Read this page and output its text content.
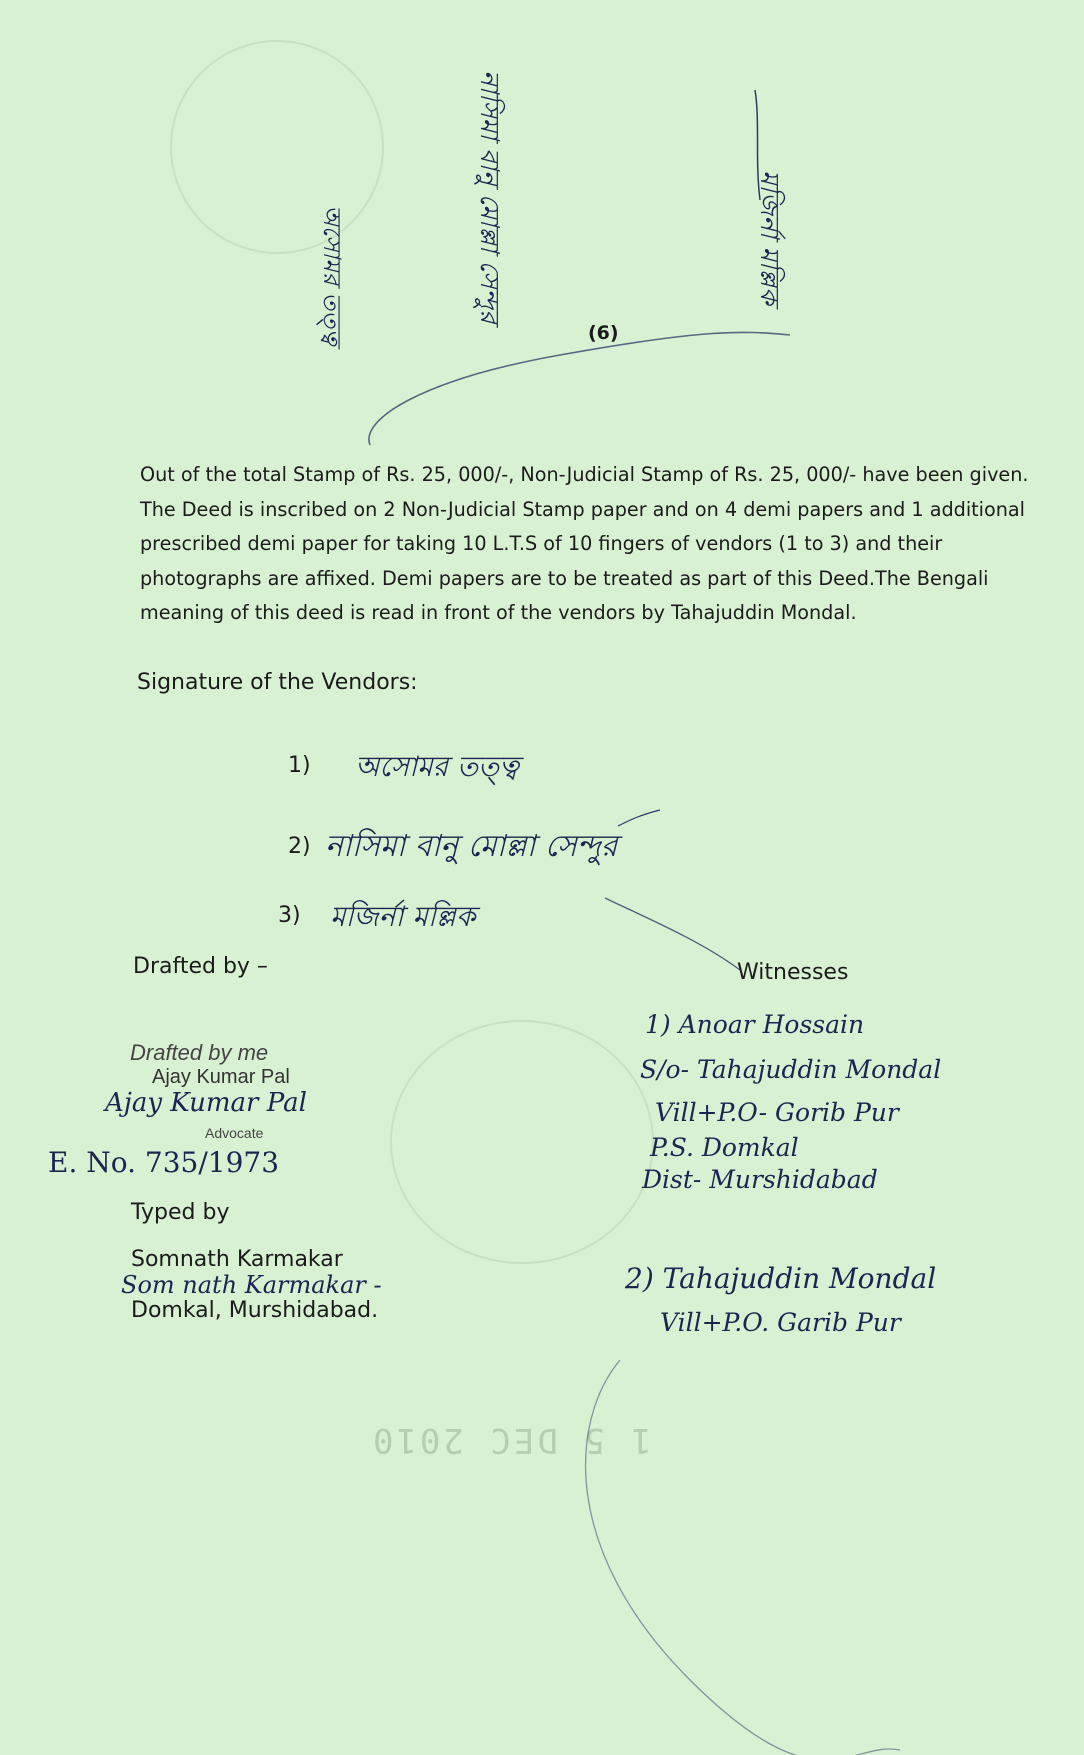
1 5 DEC 2010
অসোমর তত্ত্ব	নাসিমা বানু মোল্লা সেন্দুর	মজির্না মল্লিক
(6)
Out of the total Stamp of Rs. 25, 000/-, Non-Judicial Stamp of Rs. 25, 000/- have been given. The Deed is inscribed on 2 Non-Judicial Stamp paper and on 4 demi papers and 1 additional prescribed demi paper for taking 10 L.T.S of 10 fingers of vendors (1 to 3) and their photographs are affixed. Demi papers are to be treated as part of this Deed.The Bengali meaning of this deed is read in front of the vendors by Tahajuddin Mondal.
Signature of the Vendors:
1) অসোমর তত্ত্ব
2) নাসিমা বানু মোল্লা সেন্দুর
3) মজির্না মল্লিক
Drafted by –
Drafted by me
Ajay Kumar Pal
Advocate
Ajay Kumar Pal
E. No. 735/1973
Typed by
Somnath Karmakar
Som nath Karmakar -
Domkal, Murshidabad.
Witnesses
1) Anoar Hossain
S/o- Tahajuddin Mondal
Vill+P.O- Gorib Pur
P.S. Domkal
Dist- Murshidabad
2) Tahajuddin Mondal
Vill+P.O. Garib Pur
